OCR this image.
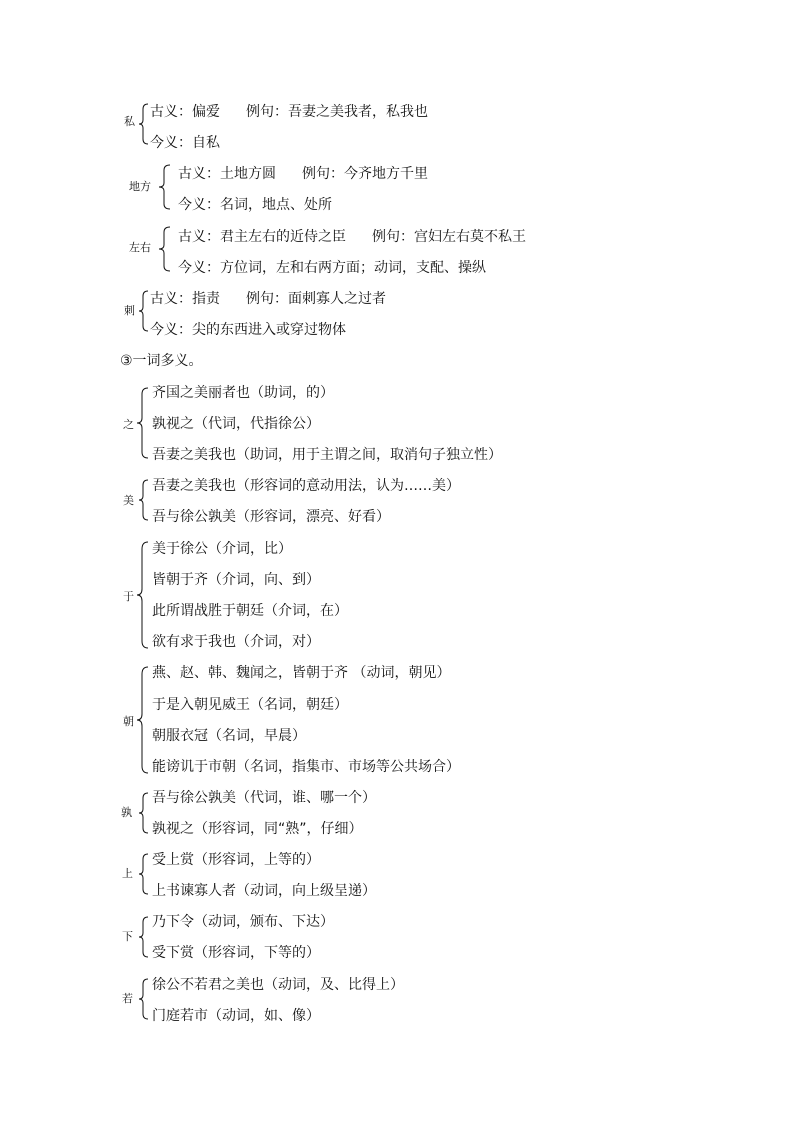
私
古义：偏爱 例句：吾妻之美我者，私我也
今义：自私
地方
古义：土地方圆 例句：今齐地方千里
今义：名词，地点、处所
左右
古义：君主左右的近侍之臣 例句：宫妇左右莫不私王
今义：方位词，左和右两方面；动词，支配、操纵
刺
古义：指责 例句：面刺寡人之过者
今义：尖的东西进入或穿过物体
③一词多义。
之
齐国之美丽者也（助词，的）
孰视之（代词，代指徐公）
吾妻之美我也（助词，用于主谓之间，取消句子独立性）
美
吾妻之美我也（形容词的意动用法，认为……美）
吾与徐公孰美（形容词，漂亮、好看）
于
美于徐公（介词，比）
皆朝于齐（介词，向、到）
此所谓战胜于朝廷（介词，在）
欲有求于我也（介词，对）
朝
燕、赵、韩、魏闻之，皆朝于齐 （动词，朝见）
于是入朝见威王（名词，朝廷）
朝服衣冠（名词，早晨）
能谤讥于市朝（名词，指集市、市场等公共场合）
孰
吾与徐公孰美（代词，谁、哪一个）
孰视之（形容词，同“熟”，仔细）
上
受上赏（形容词，上等的）
上书谏寡人者（动词，向上级呈递）
下
乃下令（动词，颁布、下达）
受下赏（形容词，下等的）
若
徐公不若君之美也（动词，及、比得上）
门庭若市（动词，如、像）
